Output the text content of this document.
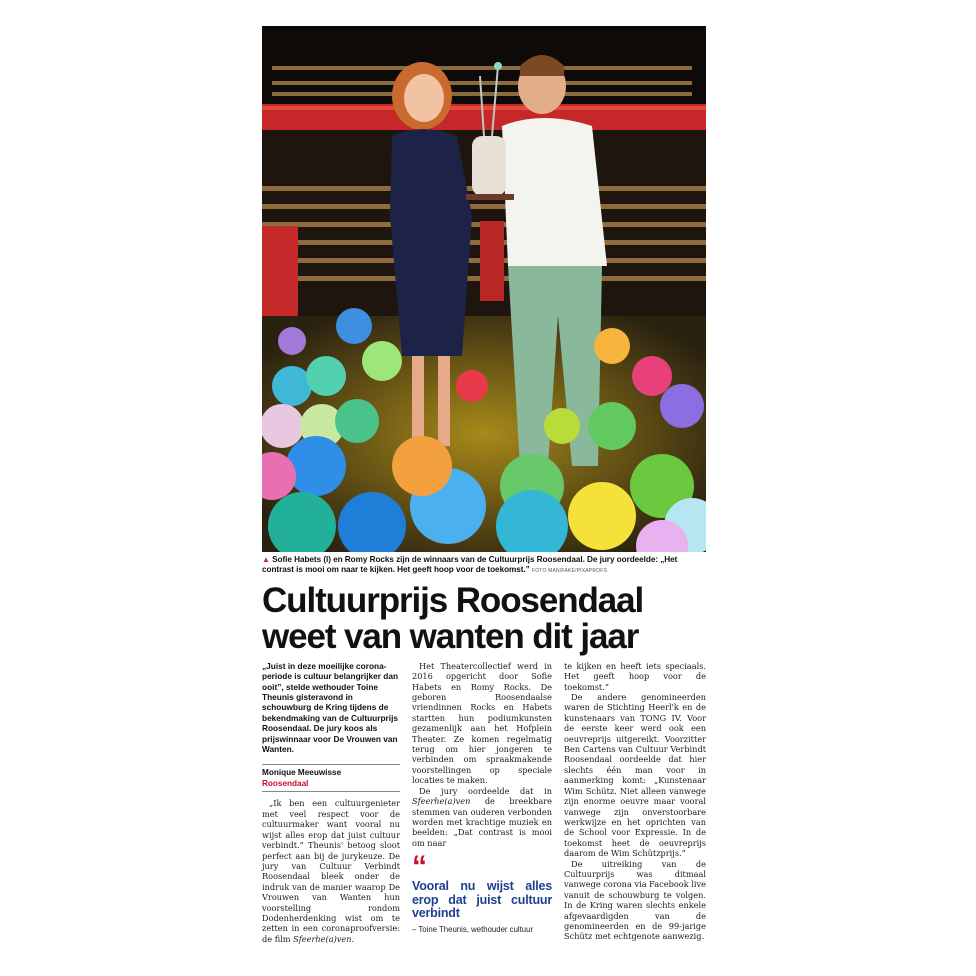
▲ Sofie Habets (l) en Romy Rocks zijn de winnaars van de Cultuurprijs Roosendaal. De jury oordeelde: „Het contrast is mooi om naar te kijken. Het geeft hoop voor de toekomst.” FOTO MAN/FAKE/PIXAPROFS
Cultuurprijs Roosendaal
weet van wanten dit jaar
„Juist in deze moeilijke corona-periode is cultuur belangrijker dan ooit”, stelde wethouder Toine Theunis gisteravond in schouwburg de Kring tijdens de bekendmaking van de Cultuurprijs Roosendaal. De jury koos als prijswinnaar voor De Vrouwen van Wanten.
Monique Meeuwisse
Roosendaal

„Ik ben een cultuurgenieter met veel respect voor de cultuurmaker want vooral nu wijst alles erop dat juist cultuur verbindt.” Theunis' betoog sloot perfect aan bij de jurykeuze. De jury van Cultuur Verbindt Roosendaal bleek onder de indruk van de manier waarop De Vrouwen van Wanten hun voorstelling rondom Dodenherdenking wist om te zetten in een coronaproofversie: de film Sfeerhe(a)ven.

Het Theatercollectief werd in 2016 opgericht door Sofie Habets en Romy Rocks. De geboren Roosendaalse vriendinnen Rocks en Habets startten hun podiumkunsten gezamenlijk aan het Hofplein Theater. Ze komen regelmatig terug om hier jongeren te verbinden om spraakmakende voorstellingen op speciale locaties te maken.

De jury oordeelde dat in Sfeerhe(a)ven de breekbare stemmen van ouderen verbonden worden met krachtige muziek en beelden: „Dat contrast is mooi om naar

“
Vooral nu wijst alles erop dat juist cultuur verbindt
– Toine Theunis, wethouder cultuur

te kijken en heeft iets speciaals. Het geeft hoop voor de toekomst.”

De andere genomineerden waren de Stichting Heerl'k en de kunstenaars van TONG IV. Voor de eerste keer werd ook een oeuvreprijs uitgereikt. Voorzitter Ben Cartens van Cultuur Verbindt Roosendaal oordeelde dat hier slechts één man voor in aanmerking komt: „Kunstenaar Wim Schütz. Niet alleen vanwege zijn enorme oeuvre maar vooral vanwege zijn onverstoorbare werkwijze en het oprichten van de School voor Expressie. In de toekomst heet de oeuvreprijs daarom de Wim Schützprijs.”

De uitreiking van de Cultuurprijs was ditmaal vanwege corona via Facebook live vanuit de schouwburg te volgen. In de Kring waren slechts enkele afgevaardigden van de genomineerden en de 99-jarige Schütz met echtgenote aanwezig.
